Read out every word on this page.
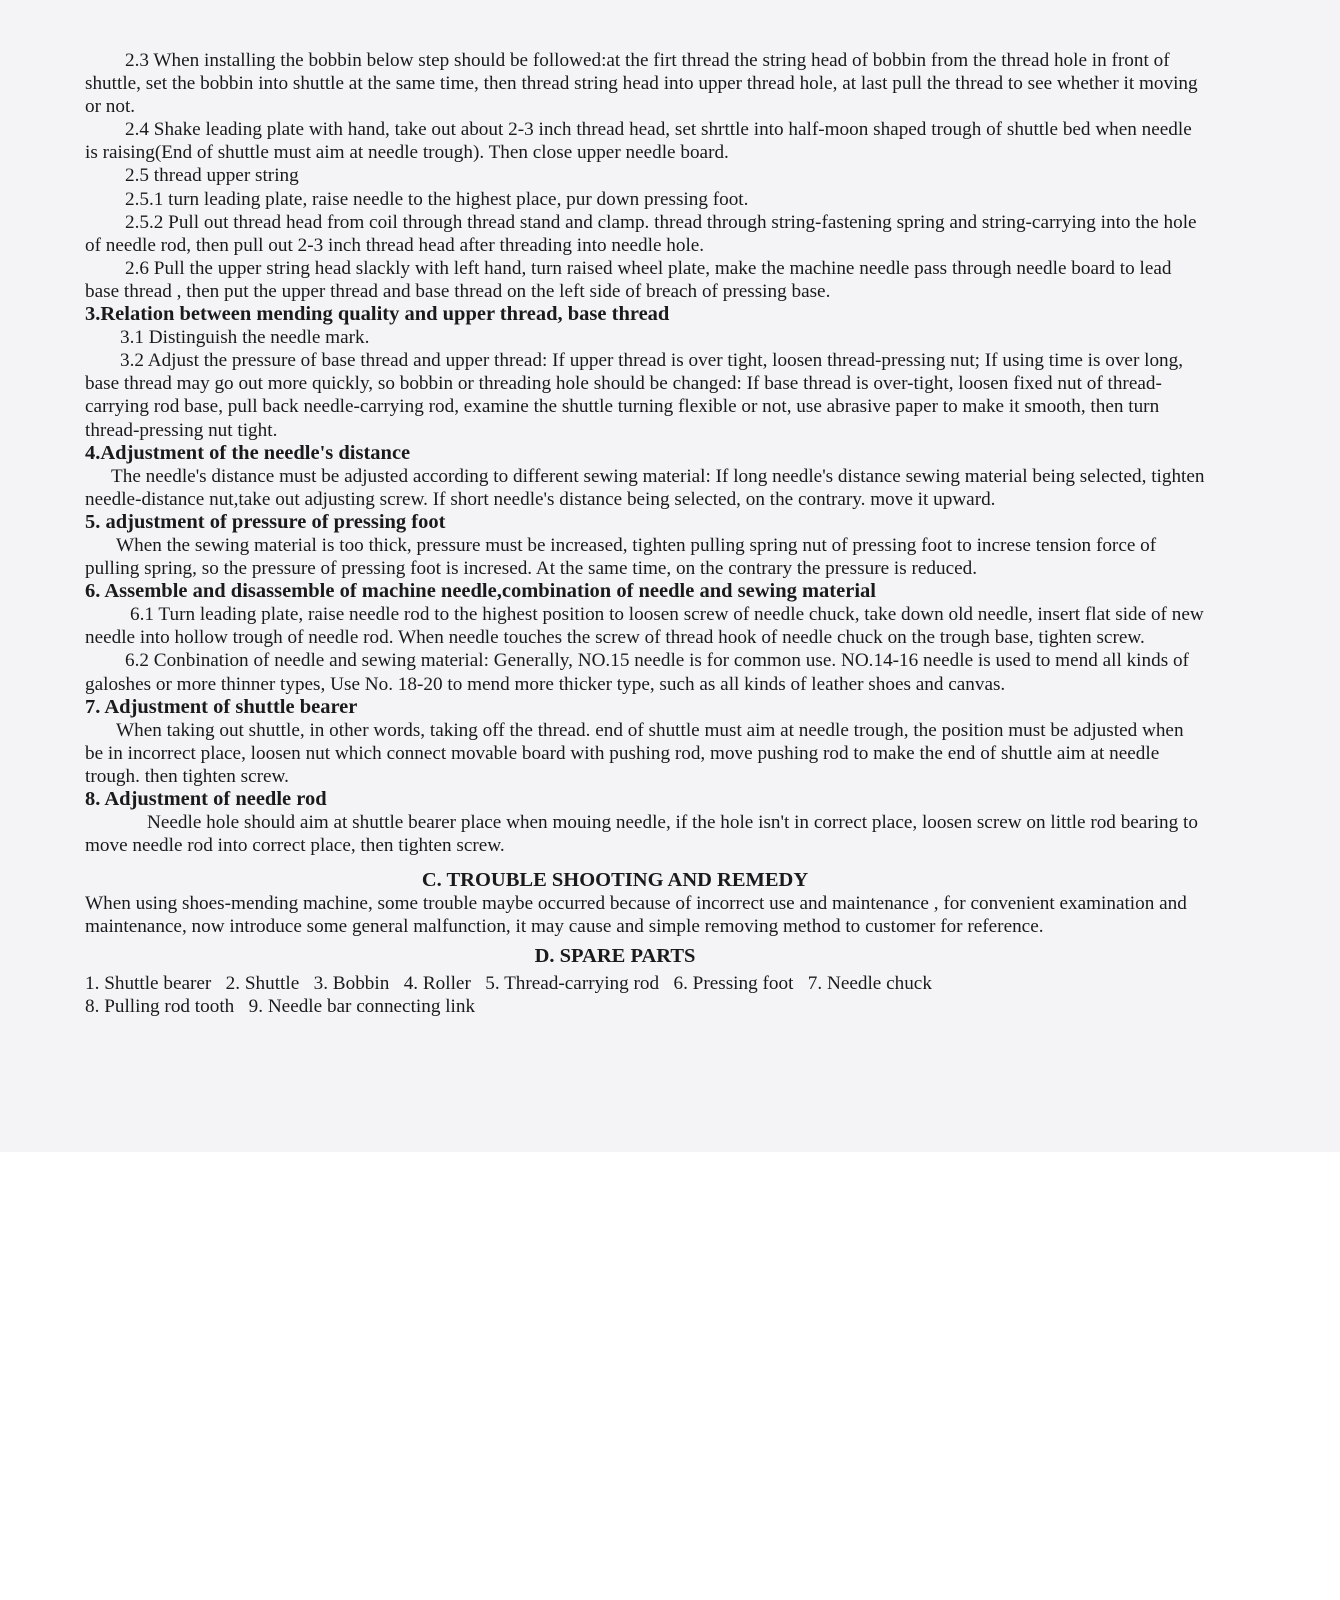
2.3 When installing the bobbin below step should be followed:at the firt thread the string head of bobbin from the thread hole in front of shuttle, set the bobbin into shuttle at the same time, then thread string head into upper thread hole, at last pull the thread to see whether it moving or not.

2.4 Shake leading plate with hand, take out about 2-3 inch thread head, set shrttle into half-moon shaped trough of shuttle bed when needle is raising(End of shuttle must aim at needle trough). Then close upper needle board.

2.5 thread upper string

2.5.1 turn leading plate, raise needle to the highest place, pur down pressing foot.

2.5.2 Pull out thread head from coil through thread stand and clamp. thread through string-fastening spring and string-carrying into the hole of needle rod, then pull out 2-3 inch thread head after threading into needle hole.

2.6 Pull the upper string head slackly with left hand, turn raised wheel plate, make the machine needle pass through needle board to lead base thread , then put the upper thread and base thread on the left side of breach of pressing base.

3.Relation between mending quality and upper thread, base thread

3.1 Distinguish the needle mark.

3.2 Adjust the pressure of base thread and upper thread: If upper thread is over tight, loosen thread-pressing nut; If using time is over long, base thread may go out more quickly, so bobbin or threading hole should be changed: If base thread is over-tight, loosen fixed nut of thread-carrying rod base, pull back needle-carrying rod, examine the shuttle turning flexible or not, use abrasive paper to make it smooth, then turn thread-pressing nut tight.

4.Adjustment of the needle's distance

The needle's distance must be adjusted according to different sewing material: If long needle's distance sewing material being selected, tighten needle-distance nut,take out adjusting screw. If short needle's distance being selected, on the contrary. move it upward.

5. adjustment of pressure of pressing foot

When the sewing material is too thick, pressure must be increased, tighten pulling spring nut of pressing foot to increse tension force of pulling spring, so the pressure of pressing foot is incresed. At the same time, on the contrary the pressure is reduced.

6. Assemble and disassemble of machine needle,combination of needle and sewing material

6.1 Turn leading plate, raise needle rod to the highest position to loosen screw of needle chuck, take down old needle, insert flat side of new needle into hollow trough of needle rod. When needle touches the screw of thread hook of needle chuck on the trough base, tighten screw.

6.2 Conbination of needle and sewing material: Generally, NO.15 needle is for common use. NO.14-16 needle is used to mend all kinds of galoshes or more thinner types, Use No. 18-20 to mend more thicker type, such as all kinds of leather shoes and canvas.

7. Adjustment of shuttle bearer

When taking out shuttle, in other words, taking off the thread. end of shuttle must aim at needle trough, the position must be adjusted when be in incorrect place, loosen nut which connect movable board with pushing rod, move pushing rod to make the end of shuttle aim at needle trough. then tighten screw.

8. Adjustment of needle rod

Needle hole should aim at shuttle bearer place when mouing needle, if the hole isn't in correct place, loosen screw on little rod bearing to move needle rod into correct place, then tighten screw.

C. TROUBLE SHOOTING AND REMEDY

When using shoes-mending machine, some trouble maybe occurred because of incorrect use and maintenance , for convenient examination and maintenance, now introduce some general malfunction, it may cause and simple removing method to customer for reference.

D. SPARE PARTS

1. Shuttle bearer   2. Shuttle   3. Bobbin   4. Roller   5. Thread-carrying rod   6. Pressing foot   7. Needle chuck

8. Pulling rod tooth   9. Needle bar connecting link
